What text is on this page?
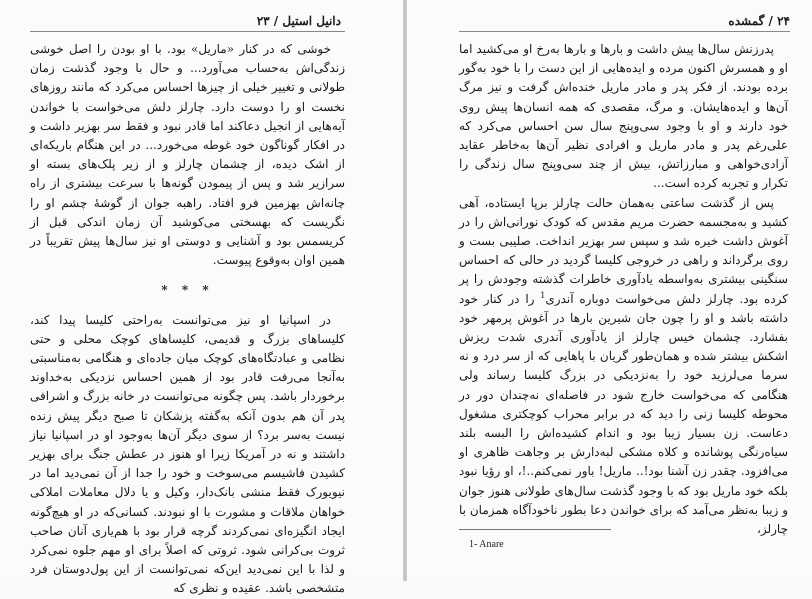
دانیل استیل / ۲۳

خوشی که در کنار «ماریل» بود. با او بودن را اصل خوشی زندگی‌اش به‌حساب می‌آورد... و حال با وجود گذشت زمان طولانی و تغییر خیلی از چیزها احساس می‌کرد که مانند روزهای نخست او را دوست دارد. چارلز دلش می‌خواست با خواندن آیه‌هایی از انجیل دعاکند اما قادر نبود و فقط سر بهزیر داشت و در افکار گوناگون خود غوطه می‌خورد... در این هنگام باریکه‌ای از اشک دیده، از چشمان چارلز و از زیر پلک‌های بسته او سرازیر شد و پس از پیمودن گونه‌ها با سرعت بیشتری از راه چانه‌اش بهزمین فرو افتاد. راهبه جوان از گوشهٔ چشم او را نگریست که بهسختی می‌کوشید آن زمان اندکی قبل از کریسمس بود و آشنایی و دوستی او نیز سال‌ها پیش تقریباً در همین اوان به‌وقوع پیوست.

* * *

در اسپانیا او نیز می‌توانست به‌راحتی کلیسا پیدا کند، کلیساهای بزرگ و قدیمی، کلیساهای کوچک محلی و حتی نظامی و عبادتگاه‌های کوچک میان جاده‌ای و هنگامی به‌مناسبتی به‌آنجا می‌رفت قادر بود از همین احساس نزدیکی به‌خداوند برخوردار باشد. پس چگونه می‌توانست در خانه بزرگ و اشرافی پدر آن هم بدون آنکه به‌گفته پزشکان تا صبح دیگر پیش زنده نیست به‌سر برد؟ از سوی دیگر آن‌ها به‌وجود او در اسپانیا نیاز داشتند و نه در آمریکا زیرا او هنوز در عطش جنگ برای بهزیر کشیدن فاشیسم می‌سوخت و خود را جدا از آن نمی‌دید اما در نیویورک فقط منشی بانک‌دار، وکیل و یا دلال معاملات املاکی خواهان ملاقات و مشورت با او نبودند. کسانی‌که در او هیچ‌گونه ایجاد انگیزه‌ای نمی‌کردند گرچه قرار بود با هم‌یاری آنان صاحب ثروت بی‌کرانی شود. ثروتی که اصلاً برای او مهم جلوه نمی‌کرد و لذا با این نمی‌دید این‌که نمی‌توانست از این پول‌دوستان فرد متشخصی باشد. عقیده و نظری که

۲۴ / گمشده

پدرزنش سال‌ها پیش داشت و بارها و بارها به‌رخ او می‌کشید اما او و همسرش اکنون مرده و ایده‌هایی از این دست را با خود به‌گور برده بودند. از فکر پدر و مادر ماریل خنده‌اش گرفت و نیز مرگ آن‌ها و ایده‌هایشان. و مرگ، مقصدی که همه انسان‌ها پیش روی خود دارند و او با وجود سی‌وپنج سال سن احساس می‌کرد که علی‌رغم پدر و مادر ماریل و افرادی نظیر آن‌ها به‌خاطر عقاید آزادی‌خواهی و مبارزاتش، بیش از چند سی‌وپنج سال زندگی را تکرار و تجربه کرده است...

پس از گذشت ساعتی به‌همان حالت چارلز برپا ایستاده، آهی کشید و به‌مجسمه حضرت مریم مقدس که کودک نورانی‌اش را در آغوش داشت خیره شد و سپس سر بهزیر انداخت. صلیبی بست و روی برگرداند و راهی در خروجی کلیسا گردید در حالی که احساس سنگینی بیشتری به‌واسطه یادآوری خاطرات گذشته وجودش را پر کرده بود. چارلز دلش می‌خواست دوباره آندری$^1$ را در کنار خود داشته باشد و او را چون جان شیرین بارها در آغوش پرمهر خود بفشارد. چشمان خیس چارلز از یادآوری آندری شدت ریزش اشکش بیشتر شده و همان‌طور گریان با پاهایی که از سر درد و نه سرما می‌لرزید خود را به‌نزدیکی در بزرگ کلیسا رساند ولی هنگامی که می‌خواست خارج شود در فاصله‌ای نه‌چندان دور در محوطه کلیسا زنی را دید که در برابر محراب کوچکتری مشغول دعاست. زن بسیار زیبا بود و اندام کشیده‌اش را البسه بلند سیاه‌رنگی پوشانده و کلاه مشکی لبه‌دارش بر وجاهت ظاهری او می‌افزود. چقدر زن آشنا بود!.. ماریل! باور نمی‌کنم..!، او رؤیا نبود بلکه خود ماریل بود که با وجود گذشت سال‌های طولانی هنوز جوان و زیبا به‌نظر می‌آمد که برای خواندن دعا بطور ناخودآگاه همزمان با چارلز،

1- Anare
